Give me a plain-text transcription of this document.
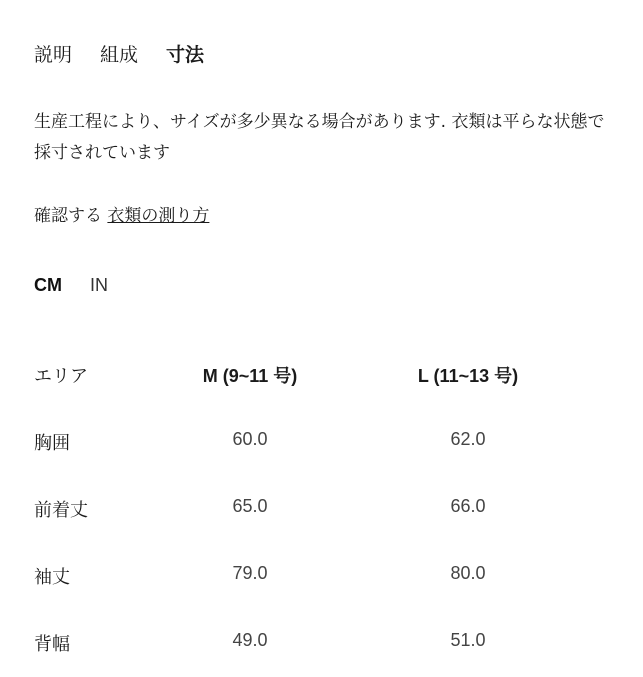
説明 組成 寸法
生産工程により、サイズが多少異なる場合があります. 衣類は平らな状態で採寸されています
確認する 衣類の測り方
CM IN
エリア	M (9~11 号)	L (11~13 号)
胸囲	60.0	62.0
前着丈	65.0	66.0
袖丈	79.0	80.0
背幅	49.0	51.0
